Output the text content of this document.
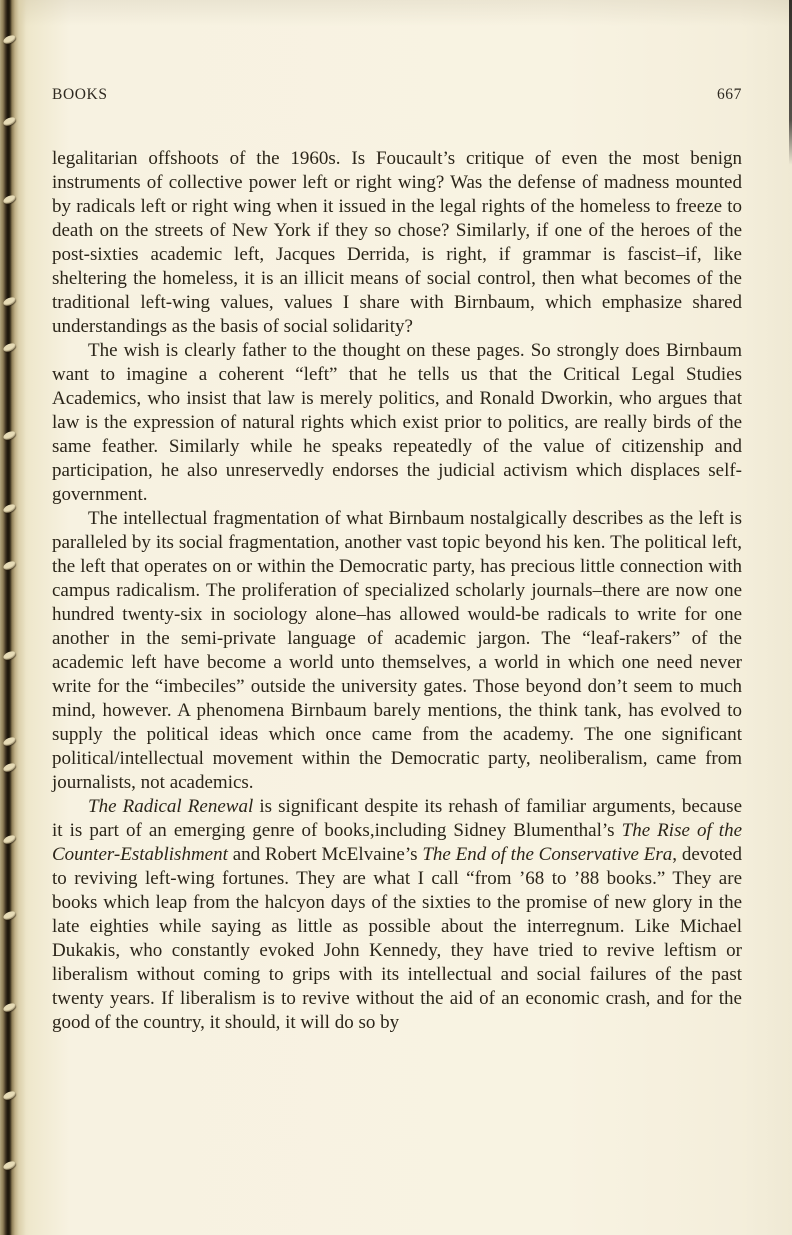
BOOKS	667

legalitarian offshoots of the 1960s. Is Foucault’s critique of even the most benign instruments of collective power left or right wing? Was the defense of madness mounted by radicals left or right wing when it issued in the legal rights of the homeless to freeze to death on the streets of New York if they so chose? Similarly, if one of the heroes of the post-sixties academic left, Jacques Derrida, is right, if grammar is fascist–if, like sheltering the homeless, it is an illicit means of social control, then what becomes of the traditional left-wing values, values I share with Birnbaum, which emphasize shared understandings as the basis of social solidarity?

The wish is clearly father to the thought on these pages. So strongly does Birnbaum want to imagine a coherent “left” that he tells us that the Critical Legal Studies Academics, who insist that law is merely politics, and Ronald Dworkin, who argues that law is the expression of natural rights which exist prior to politics, are really birds of the same feather. Similarly while he speaks repeatedly of the value of citizenship and participation, he also unreservedly endorses the judicial activism which displaces self-government.

The intellectual fragmentation of what Birnbaum nostalgically describes as the left is paralleled by its social fragmentation, another vast topic beyond his ken. The political left, the left that operates on or within the Democratic party, has precious little connection with campus radicalism. The proliferation of specialized scholarly journals–there are now one hundred twenty-six in sociology alone–has allowed would-be radicals to write for one another in the semi-private language of academic jargon. The “leaf-rakers” of the academic left have become a world unto themselves, a world in which one need never write for the “imbeciles” outside the university gates. Those beyond don’t seem to much mind, however. A phenomena Birnbaum barely mentions, the think tank, has evolved to supply the political ideas which once came from the academy. The one significant political/intellectual movement within the Democratic party, neoliberalism, came from journalists, not academics.

The Radical Renewal is significant despite its rehash of familiar arguments, because it is part of an emerging genre of books,including Sidney Blumenthal’s The Rise of the Counter-Establishment and Robert McElvaine’s The End of the Conservative Era, devoted to reviving left-wing fortunes. They are what I call “from ’68 to ’88 books.” They are books which leap from the halcyon days of the sixties to the promise of new glory in the late eighties while saying as little as possible about the interregnum. Like Michael Dukakis, who constantly evoked John Kennedy, they have tried to revive leftism or liberalism without coming to grips with its intellectual and social failures of the past twenty years. If liberalism is to revive without the aid of an economic crash, and for the good of the country, it should, it will do so by
